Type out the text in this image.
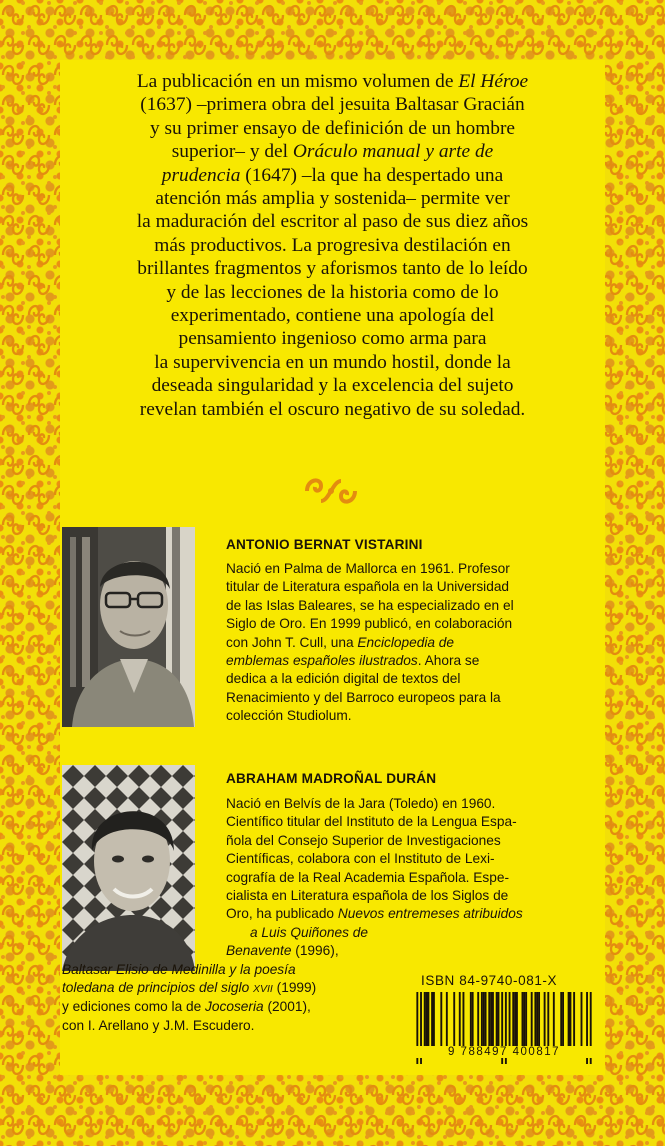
La publicación en un mismo volumen de El Héroe
(1637) –primera obra del jesuita Baltasar Gracián
y su primer ensayo de definición de un hombre
superior– y del Oráculo manual y arte de
prudencia (1647) –la que ha despertado una
atención más amplia y sostenida– permite ver
la maduración del escritor al paso de sus diez años
más productivos. La progresiva destilación en
brillantes fragmentos y aforismos tanto de lo leído
y de las lecciones de la historia como de lo
experimentado, contiene una apología del
pensamiento ingenioso como arma para
la supervivencia en un mundo hostil, donde la
deseada singularidad y la excelencia del sujeto
revelan también el oscuro negativo de su soledad.

ANTONIO BERNAT VISTARINI
Nació en Palma de Mallorca en 1961. Profesor
titular de Literatura española en la Universidad
de las Islas Baleares, se ha especializado en el
Siglo de Oro. En 1999 publicó, en colaboración
con John T. Cull, una Enciclopedia de
emblemas españoles ilustrados. Ahora se
dedica a la edición digital de textos del
Renacimiento y del Barroco europeos para la
colección Studiolum.
ABRAHAM MADROÑAL DURÁN
Nació en Belvís de la Jara (Toledo) en 1960.
Científico titular del Instituto de la Lengua Espa-
ñola del Consejo Superior de Investigaciones
Científicas, colabora con el Instituto de Lexi-
cografía de la Real Academia Española. Espe-
cialista en Literatura española de los Siglos de
Oro, ha publicado Nuevos entremeses atribuidos
a Luis Quiñones de
Benavente (1996),
Baltasar Elisio de Medinilla y la poesía
toledana de principios del siglo XVII (1999)
y ediciones como la de Jocoseria (2001),
con I. Arellano y J.M. Escudero.
ISBN 84-9740-081-X
9 788497 400817
